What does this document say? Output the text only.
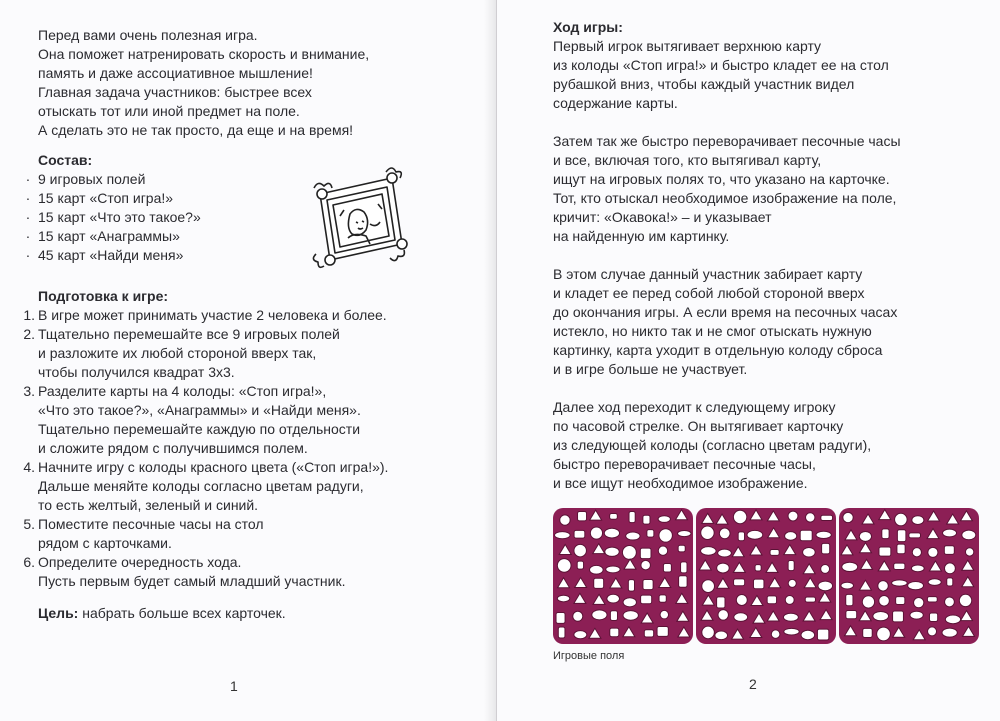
Перед вами очень полезная игра.
Она поможет натренировать скорость и внимание,
память и даже ассоциативное мышление!
Главная задача участников: быстрее всех
отыскать тот или иной предмет на поле.
А сделать это не так просто, да еще и на время!
Состав:
· 9 игровых полей
· 15 карт «Стоп игра!»
· 15 карт «Что это такое?»
· 15 карт «Анаграммы»
· 45 карт «Найди меня»
Подготовка к игре:
1. В игре может принимать участие 2 человека и более.
2. Тщательно перемешайте все 9 игровых полей
и разложите их любой стороной вверх так,
чтобы получился квадрат 3х3.
3. Разделите карты на 4 колоды: «Стоп игра!»,
«Что это такое?», «Анаграммы» и «Найди меня».
Тщательно перемешайте каждую по отдельности
и сложите рядом с получившимся полем.
4. Начните игру с колоды красного цвета («Стоп игра!»).
Дальше меняйте колоды согласно цветам радуги,
то есть желтый, зеленый и синий.
5. Поместите песочные часы на стол
рядом с карточками.
6. Определите очередность хода.
Пусть первым будет самый младший участник.
Цель: набрать больше всех карточек.
1
Ход игры:
Первый игрок вытягивает верхнюю карту
из колоды «Стоп игра!» и быстро кладет ее на стол
рубашкой вниз, чтобы каждый участник видел
содержание карты.
Затем так же быстро переворачивает песочные часы
и все, включая того, кто вытягивал карту,
ищут на игровых полях то, что указано на карточке.
Тот, кто отыскал необходимое изображение на поле,
кричит: «Окавока!» – и указывает
на найденную им картинку.
В этом случае данный участник забирает карту
и кладет ее перед собой любой стороной вверх
до окончания игры. А если время на песочных часах
истекло, но никто так и не смог отыскать нужную
картинку, карта уходит в отдельную колоду сброса
и в игре больше не участвует.
Далее ход переходит к следующему игроку
по часовой стрелке. Он вытягивает карточку
из следующей колоды (согласно цветам радуги),
быстро переворачивает песочные часы,
и все ищут необходимое изображение.
Игровые поля
2
